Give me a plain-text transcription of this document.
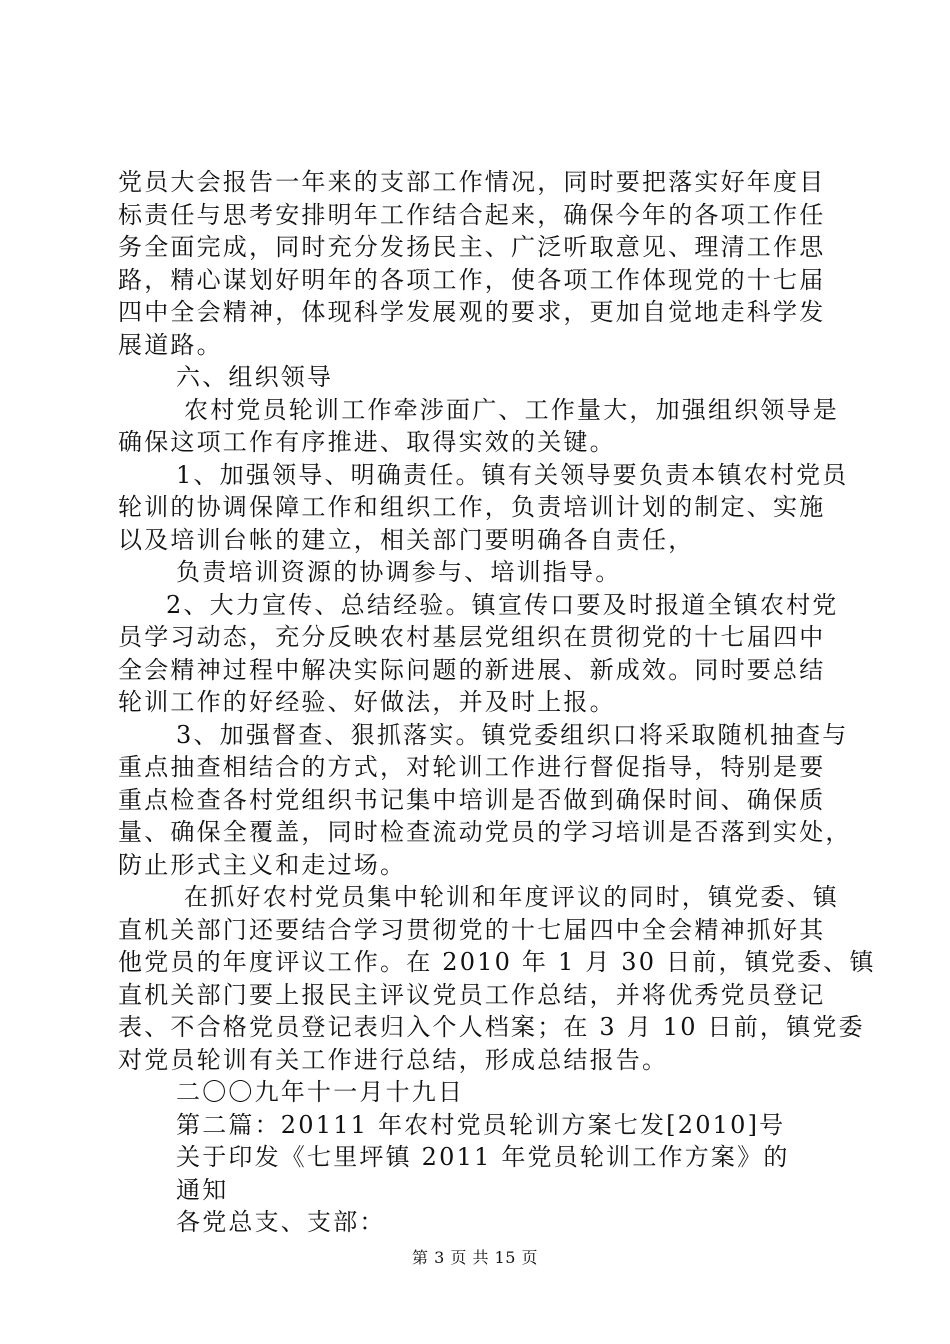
党员大会报告一年来的支部工作情况，同时要把落实好年度目
标责任与思考安排明年工作结合起来，确保今年的各项工作任
务全面完成，同时充分发扬民主、广泛听取意见、理清工作思
路，精心谋划好明年的各项工作，使各项工作体现党的十七届
四中全会精神，体现科学发展观的要求，更加自觉地走科学发
展道路。
六、组织领导
农村党员轮训工作牵涉面广、工作量大，加强组织领导是
确保这项工作有序推进、取得实效的关键。
1、加强领导、明确责任。镇有关领导要负责本镇农村党员
轮训的协调保障工作和组织工作，负责培训计划的制定、实施
以及培训台帐的建立，相关部门要明确各自责任，
负责培训资源的协调参与、培训指导。
2、大力宣传、总结经验。镇宣传口要及时报道全镇农村党
员学习动态，充分反映农村基层党组织在贯彻党的十七届四中
全会精神过程中解决实际问题的新进展、新成效。同时要总结
轮训工作的好经验、好做法，并及时上报。
3、加强督查、狠抓落实。镇党委组织口将采取随机抽查与
重点抽查相结合的方式，对轮训工作进行督促指导，特别是要
重点检查各村党组织书记集中培训是否做到确保时间、确保质
量、确保全覆盖，同时检查流动党员的学习培训是否落到实处，
防止形式主义和走过场。
在抓好农村党员集中轮训和年度评议的同时，镇党委、镇
直机关部门还要结合学习贯彻党的十七届四中全会精神抓好其
他党员的年度评议工作。在 2010 年 1 月 30 日前，镇党委、镇
直机关部门要上报民主评议党员工作总结，并将优秀党员登记
表、不合格党员登记表归入个人档案；在 3 月 10 日前，镇党委
对党员轮训有关工作进行总结，形成总结报告。
二〇〇九年十一月十九日
第二篇：20111 年农村党员轮训方案七发[2010]号
关于印发《七里坪镇 2011 年党员轮训工作方案》的
通知
各党总支、支部：
第 3 页 共 15 页
